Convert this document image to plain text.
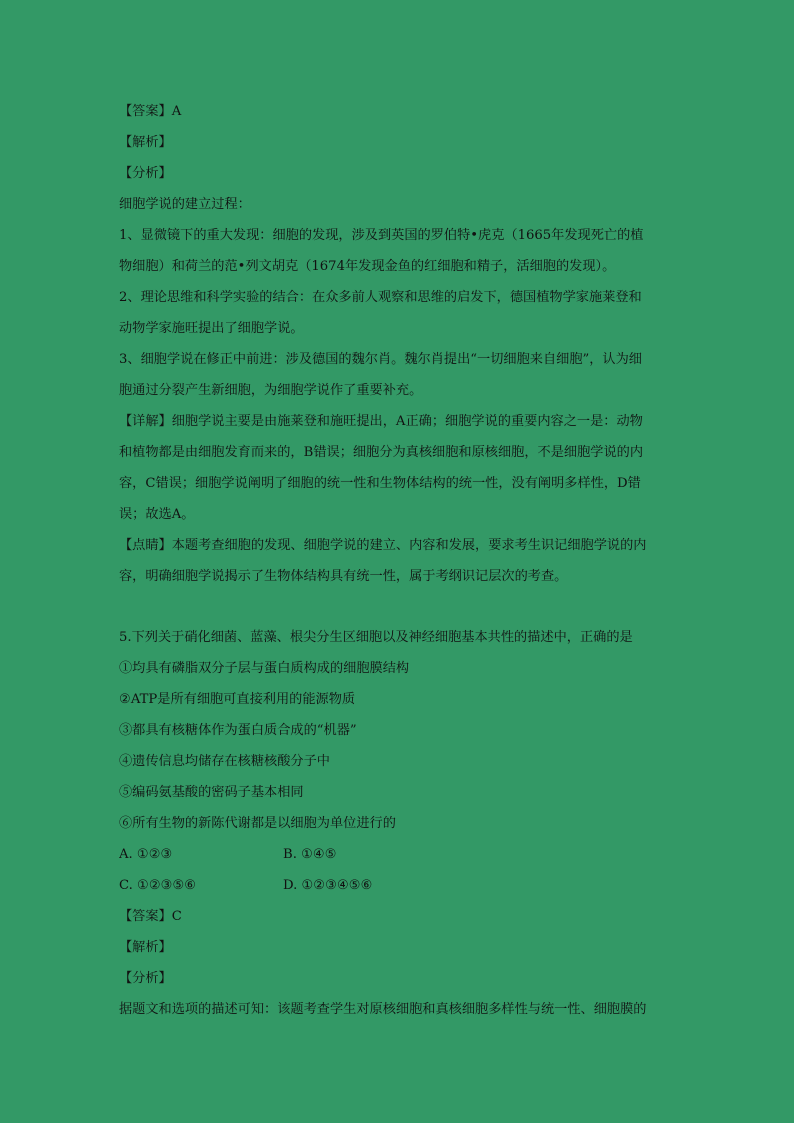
【答案】A
【解析】
【分析】
细胞学说的建立过程：
1、显微镜下的重大发现：细胞的发现，涉及到英国的罗伯特•虎克（1665年发现死亡的植
物细胞）和荷兰的范•列文胡克（1674年发现金鱼的红细胞和精子，活细胞的发现）。
2、理论思维和科学实验的结合：在众多前人观察和思维的启发下，德国植物学家施莱登和
动物学家施旺提出了细胞学说。
3、细胞学说在修正中前进：涉及德国的魏尔肖。魏尔肖提出“一切细胞来自细胞”，认为细
胞通过分裂产生新细胞，为细胞学说作了重要补充。
【详解】细胞学说主要是由施莱登和施旺提出，A正确；细胞学说的重要内容之一是：动物
和植物都是由细胞发育而来的，B错误；细胞分为真核细胞和原核细胞，不是细胞学说的内
容，C错误；细胞学说阐明了细胞的统一性和生物体结构的统一性，没有阐明多样性，D错
误；故选A。
【点睛】本题考查细胞的发现、细胞学说的建立、内容和发展，要求考生识记细胞学说的内
容，明确细胞学说揭示了生物体结构具有统一性，属于考纲识记层次的考查。
5.下列关于硝化细菌、蓝藻、根尖分生区细胞以及神经细胞基本共性的描述中，正确的是
①均具有磷脂双分子层与蛋白质构成的细胞膜结构
②ATP是所有细胞可直接利用的能源物质
③都具有核糖体作为蛋白质合成的“机器”
④遗传信息均储存在核糖核酸分子中
⑤编码氨基酸的密码子基本相同
⑥所有生物的新陈代谢都是以细胞为单位进行的
A. ①②③	B. ①④⑤
C. ①②③⑤⑥	D. ①②③④⑤⑥
【答案】C
【解析】
【分析】
据题文和选项的描述可知：该题考查学生对原核细胞和真核细胞多样性与统一性、细胞膜的
